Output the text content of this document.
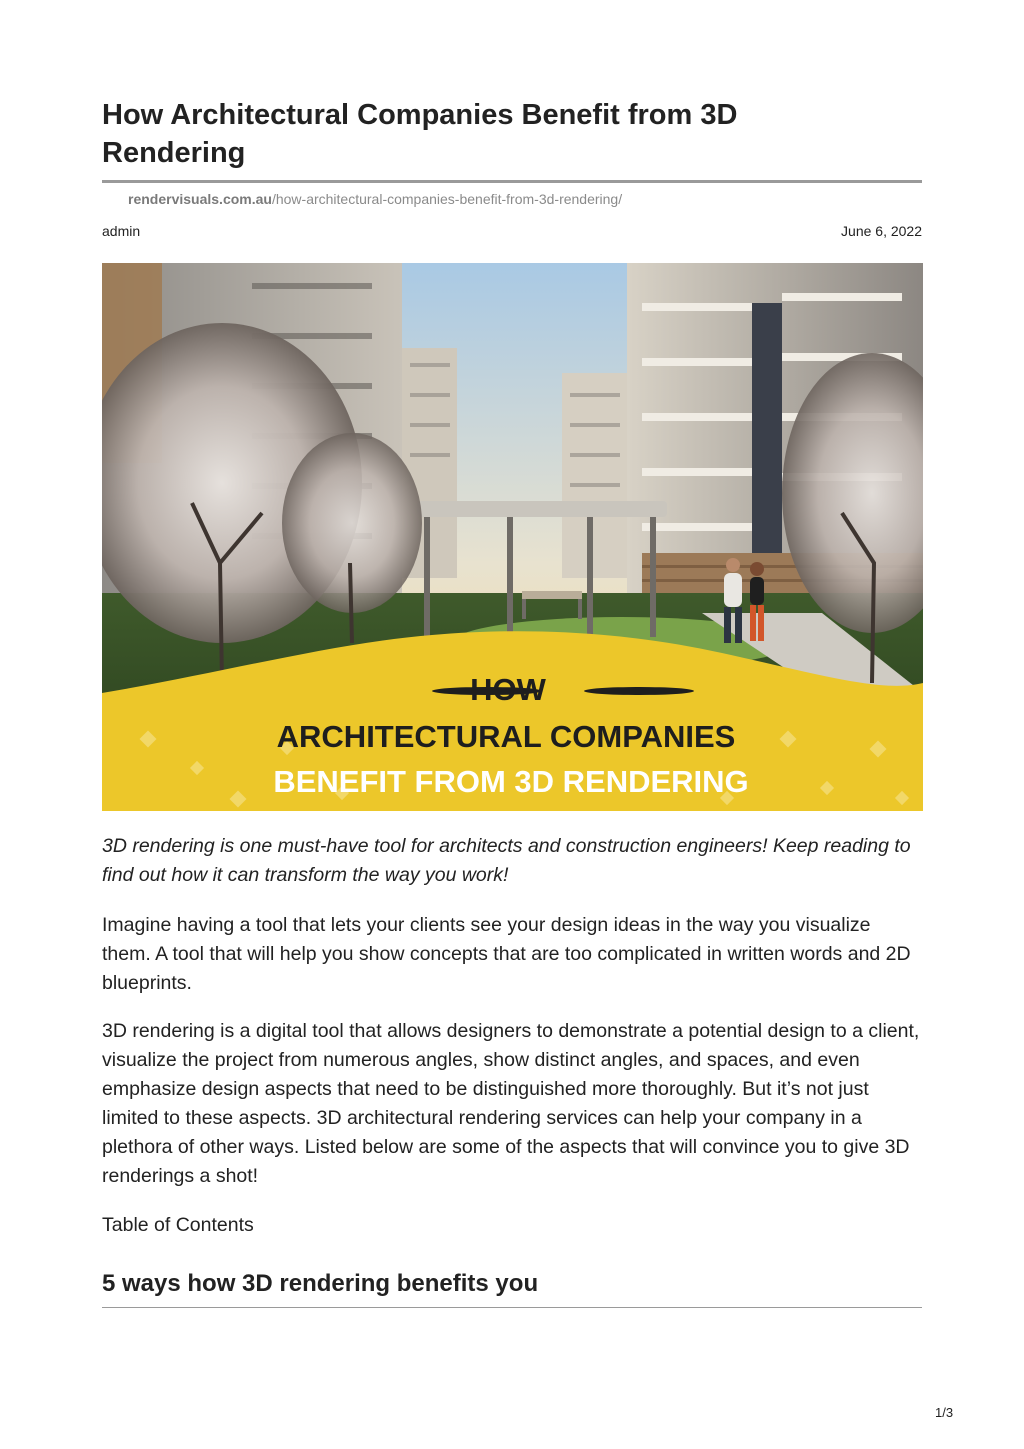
How Architectural Companies Benefit from 3D Rendering
rendervisuals.com.au/how-architectural-companies-benefit-from-3d-rendering/
admin	June 6, 2022
HOW
ARCHITECTURAL COMPANIES
BENEFIT FROM 3D RENDERING

3D rendering is one must-have tool for architects and construction engineers! Keep reading to find out how it can transform the way you work!

Imagine having a tool that lets your clients see your design ideas in the way you visualize them. A tool that will help you show concepts that are too complicated in written words and 2D blueprints.

3D rendering is a digital tool that allows designers to demonstrate a potential design to a client, visualize the project from numerous angles, show distinct angles, and spaces, and even emphasize design aspects that need to be distinguished more thoroughly. But it’s not just limited to these aspects. 3D architectural rendering services can help your company in a plethora of other ways. Listed below are some of the aspects that will convince you to give 3D renderings a shot!

Table of Contents
5 ways how 3D rendering benefits you
1/3
